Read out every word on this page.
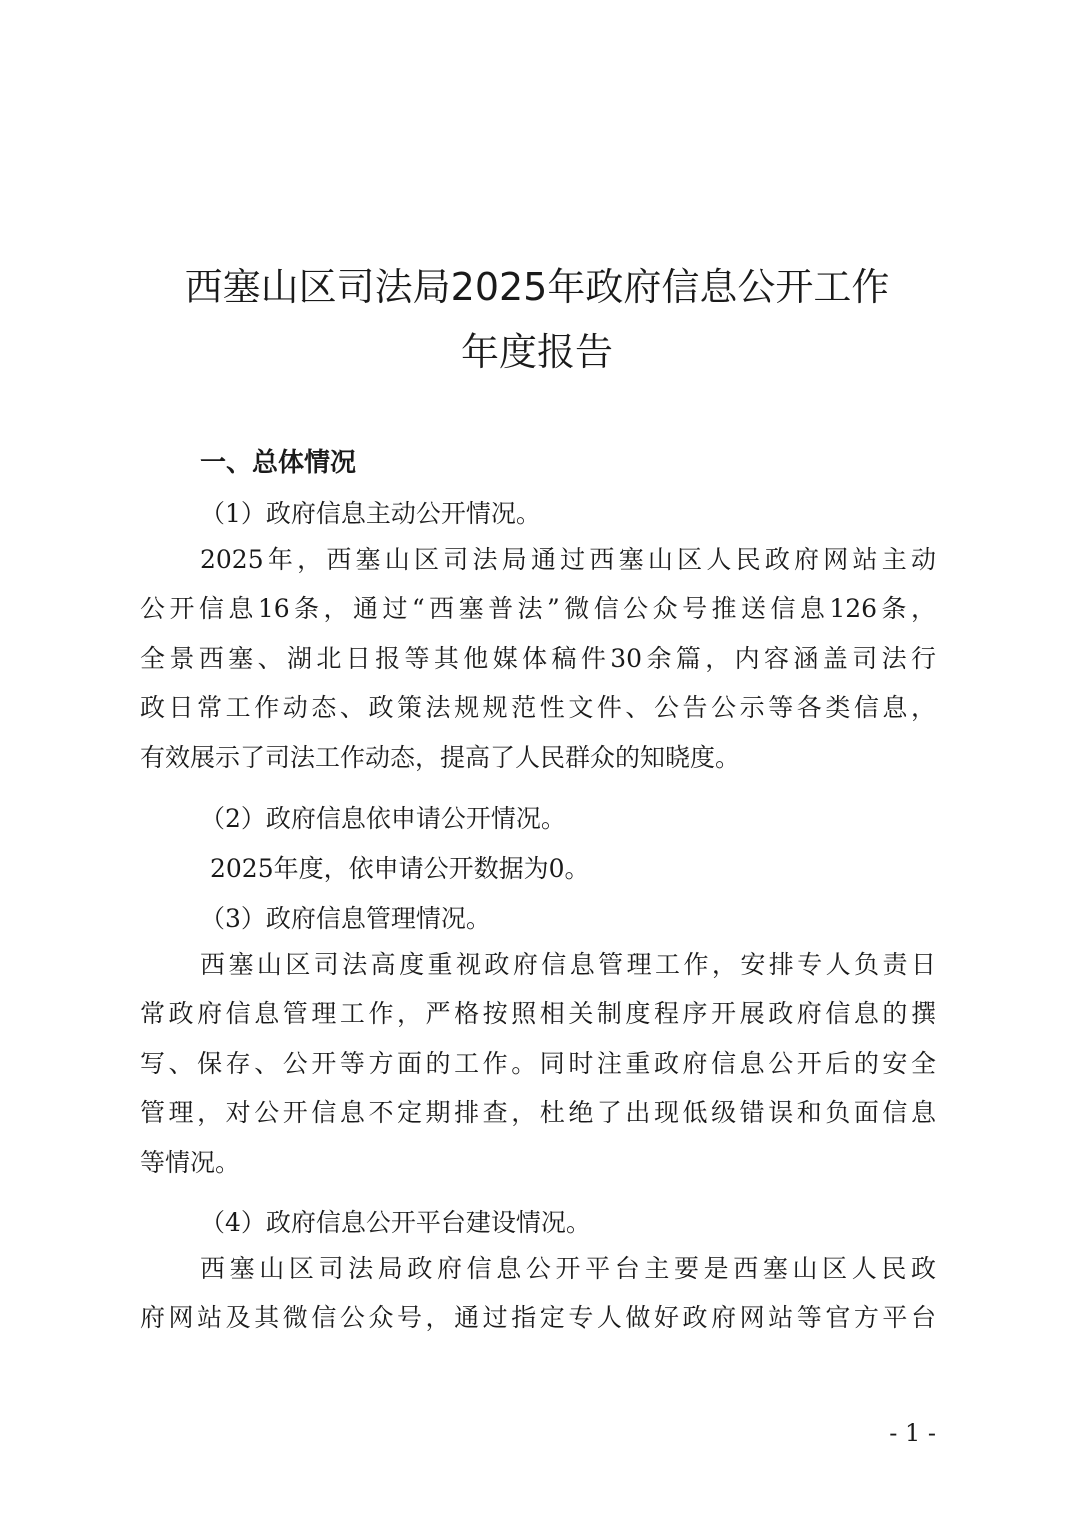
西塞山区司法局2025年政府信息公开工作
年度报告
一、总体情况

（1）政府信息主动公开情况。

2025年，西塞山区司法局通过西塞山区人民政府网站主动
公开信息16条，通过“西塞普法”微信公众号推送信息126条，
全景西塞、湖北日报等其他媒体稿件30余篇，内容涵盖司法行
政日常工作动态、政策法规规范性文件、公告公示等各类信息，
有效展示了司法工作动态，提高了人民群众的知晓度。

（2）政府信息依申请公开情况。

2025年度，依申请公开数据为0。

（3）政府信息管理情况。

西塞山区司法高度重视政府信息管理工作，安排专人负责日
常政府信息管理工作，严格按照相关制度程序开展政府信息的撰
写、保存、公开等方面的工作。同时注重政府信息公开后的安全
管理，对公开信息不定期排查，杜绝了出现低级错误和负面信息
等情况。

（4）政府信息公开平台建设情况。

西塞山区司法局政府信息公开平台主要是西塞山区人民政
府网站及其微信公众号，通过指定专人做好政府网站等官方平台
- 1 -
